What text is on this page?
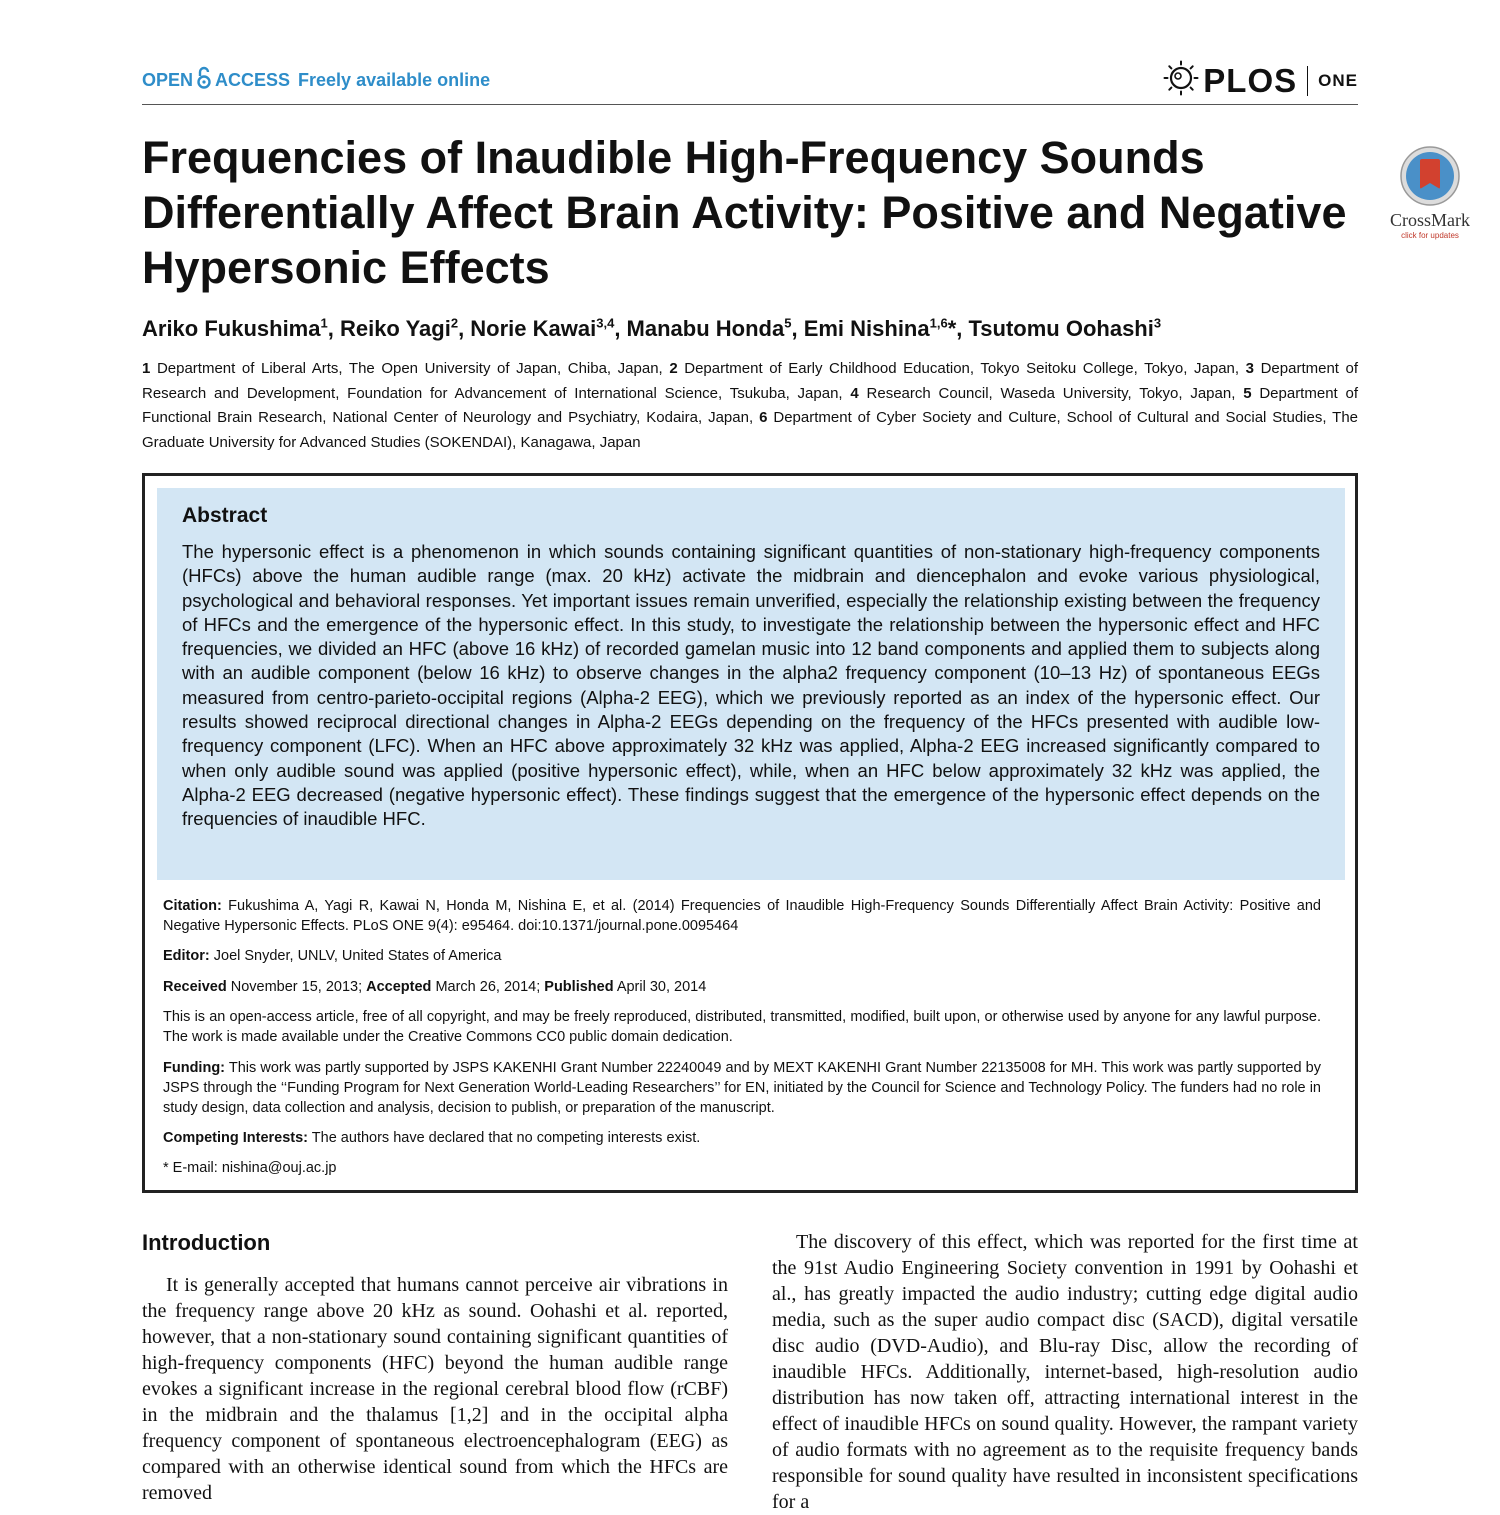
OPEN ACCESS Freely available online	PLOS ONE
Frequencies of Inaudible High-Frequency Sounds Differentially Affect Brain Activity: Positive and Negative Hypersonic Effects
CrossMark
click for updates
Ariko Fukushima$^1$, Reiko Yagi$^2$, Norie Kawai$^{3,4}$, Manabu Honda$^5$, Emi Nishina$^{1,6}$*, Tsutomu Oohashi$^3$
1 Department of Liberal Arts, The Open University of Japan, Chiba, Japan, 2 Department of Early Childhood Education, Tokyo Seitoku College, Tokyo, Japan, 3 Department of Research and Development, Foundation for Advancement of International Science, Tsukuba, Japan, 4 Research Council, Waseda University, Tokyo, Japan, 5 Department of Functional Brain Research, National Center of Neurology and Psychiatry, Kodaira, Japan, 6 Department of Cyber Society and Culture, School of Cultural and Social Studies, The Graduate University for Advanced Studies (SOKENDAI), Kanagawa, Japan
Abstract

The hypersonic effect is a phenomenon in which sounds containing significant quantities of non-stationary high-frequency components (HFCs) above the human audible range (max. 20 kHz) activate the midbrain and diencephalon and evoke various physiological, psychological and behavioral responses. Yet important issues remain unverified, especially the relationship existing between the frequency of HFCs and the emergence of the hypersonic effect. In this study, to investigate the relationship between the hypersonic effect and HFC frequencies, we divided an HFC (above 16 kHz) of recorded gamelan music into 12 band components and applied them to subjects along with an audible component (below 16 kHz) to observe changes in the alpha2 frequency component (10–13 Hz) of spontaneous EEGs measured from centro-parieto-occipital regions (Alpha-2 EEG), which we previously reported as an index of the hypersonic effect. Our results showed reciprocal directional changes in Alpha-2 EEGs depending on the frequency of the HFCs presented with audible low-frequency component (LFC). When an HFC above approximately 32 kHz was applied, Alpha-2 EEG increased significantly compared to when only audible sound was applied (positive hypersonic effect), while, when an HFC below approximately 32 kHz was applied, the Alpha-2 EEG decreased (negative hypersonic effect). These findings suggest that the emergence of the hypersonic effect depends on the frequencies of inaudible HFC.

Citation: Fukushima A, Yagi R, Kawai N, Honda M, Nishina E, et al. (2014) Frequencies of Inaudible High-Frequency Sounds Differentially Affect Brain Activity: Positive and Negative Hypersonic Effects. PLoS ONE 9(4): e95464. doi:10.1371/journal.pone.0095464

Editor: Joel Snyder, UNLV, United States of America

Received November 15, 2013; Accepted March 26, 2014; Published April 30, 2014

This is an open-access article, free of all copyright, and may be freely reproduced, distributed, transmitted, modified, built upon, or otherwise used by anyone for any lawful purpose. The work is made available under the Creative Commons CC0 public domain dedication.

Funding: This work was partly supported by JSPS KAKENHI Grant Number 22240049 and by MEXT KAKENHI Grant Number 22135008 for MH. This work was partly supported by JSPS through the ‘‘Funding Program for Next Generation World-Leading Researchers’’ for EN, initiated by the Council for Science and Technology Policy. The funders had no role in study design, data collection and analysis, decision to publish, or preparation of the manuscript.

Competing Interests: The authors have declared that no competing interests exist.

* E-mail: nishina@ouj.ac.jp

Introduction

It is generally accepted that humans cannot perceive air vibrations in the frequency range above 20 kHz as sound. Oohashi et al. reported, however, that a non-stationary sound containing significant quantities of high-frequency components (HFC) beyond the human audible range evokes a significant increase in the regional cerebral blood flow (rCBF) in the midbrain and the thalamus [1,2] and in the occipital alpha frequency component of spontaneous electroencephalogram (EEG) as compared with an otherwise identical sound from which the HFCs are removed

The discovery of this effect, which was reported for the first time at the 91st Audio Engineering Society convention in 1991 by Oohashi et al., has greatly impacted the audio industry; cutting edge digital audio media, such as the super audio compact disc (SACD), digital versatile disc audio (DVD-Audio), and Blu-ray Disc, allow the recording of inaudible HFCs. Additionally, internet-based, high-resolution audio distribution has now taken off, attracting international interest in the effect of inaudible HFCs on sound quality. However, the rampant variety of audio formats with no agreement as to the requisite frequency bands responsible for sound quality have resulted in inconsistent specifications for a
